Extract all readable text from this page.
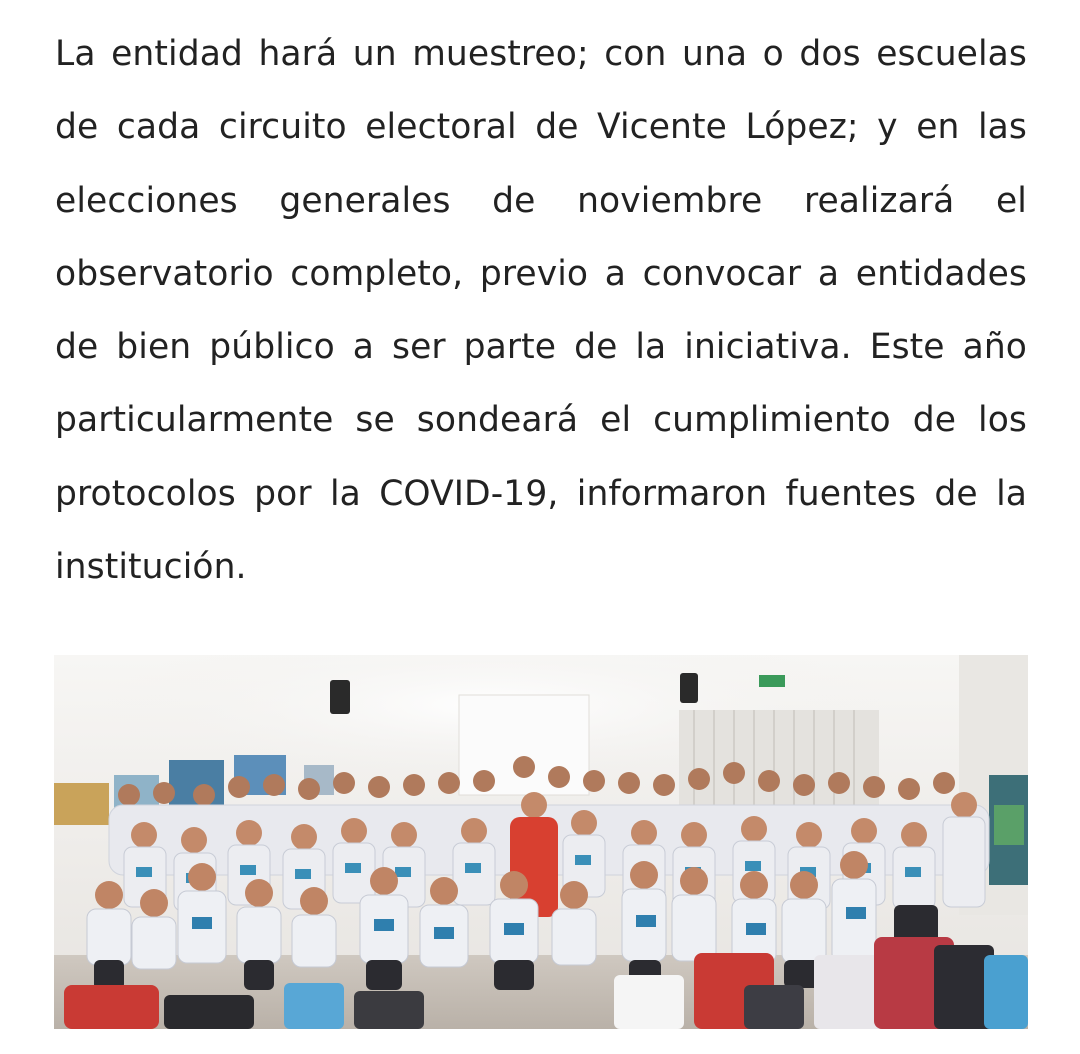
La entidad hará un muestreo; con una o dos escuelas de cada circuito electoral de Vicente López; y en las elecciones generales de noviembre realizará el observatorio completo, previo a convocar a entidades de bien público a ser parte de la iniciativa. Este año particularmente se sondeará el cumplimiento de los protocolos por la COVID-19, informaron fuentes de la institución.
